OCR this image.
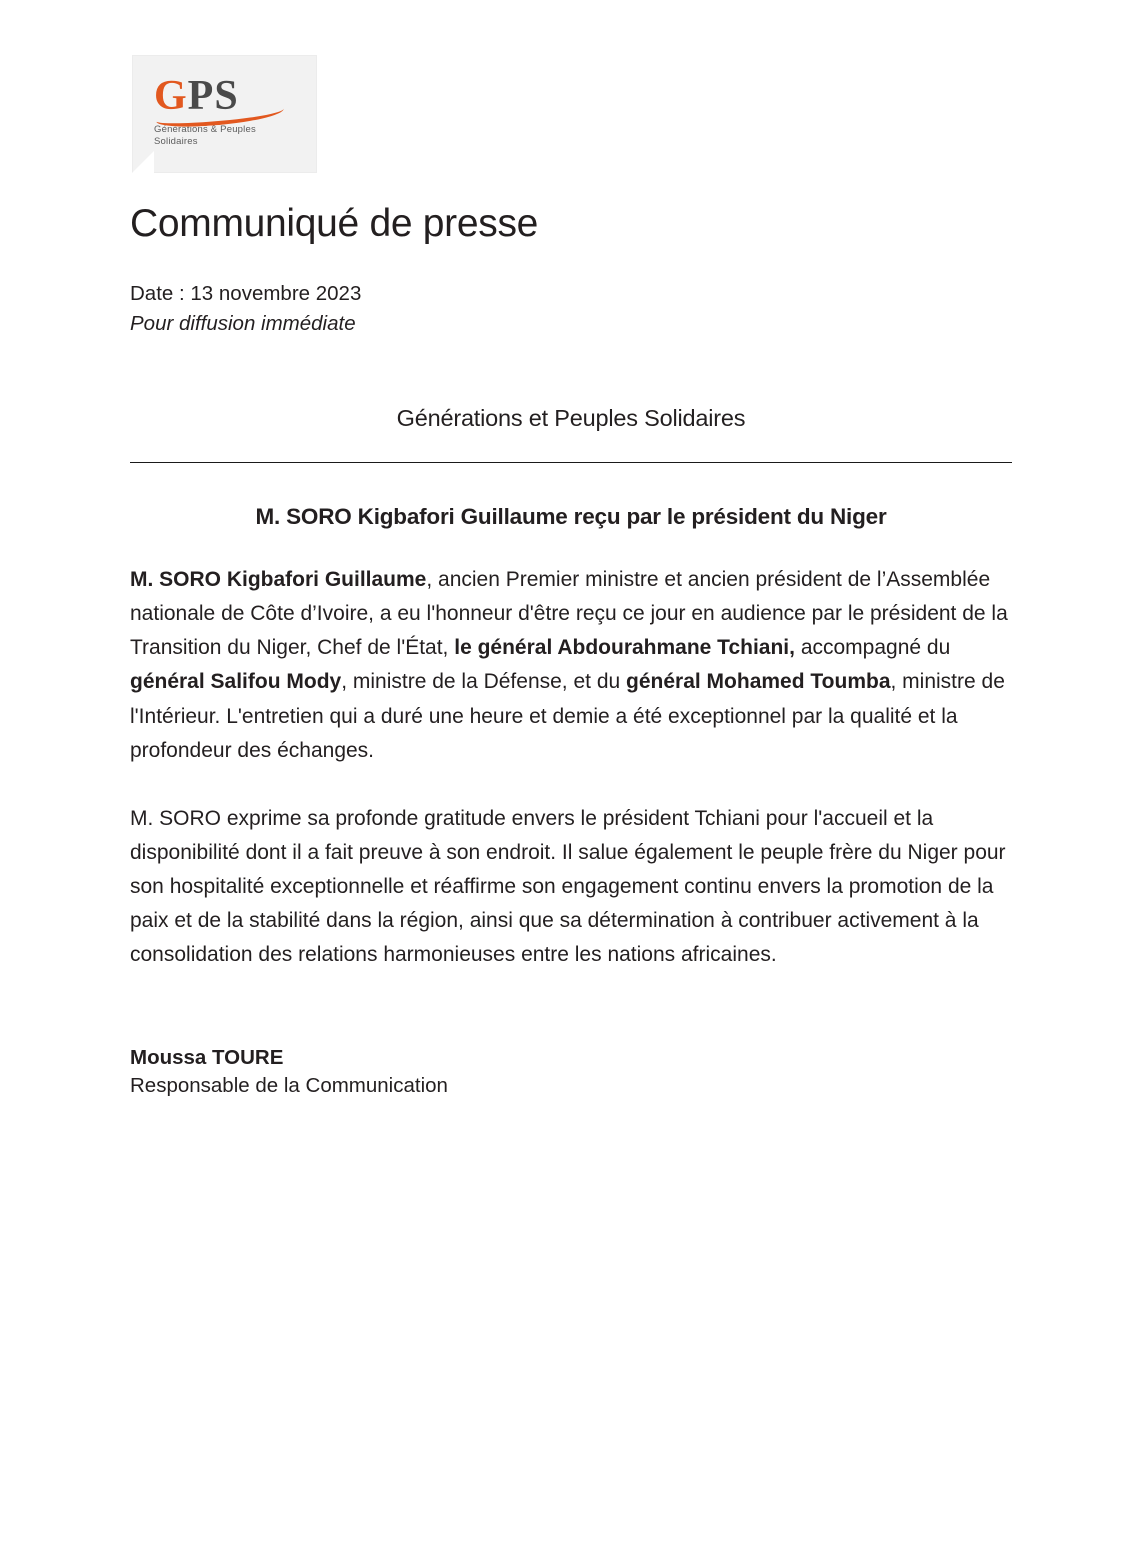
GPS
Générations & Peuples Solidaires
Communiqué de presse

Date : 13 novembre 2023

Pour diffusion immédiate

Générations et Peuples Solidaires

M. SORO Kigbafori Guillaume reçu par le président du Niger

M. SORO Kigbafori Guillaume, ancien Premier ministre et ancien président de l’Assemblée nationale de Côte d’Ivoire, a eu l'honneur d'être reçu ce jour en audience par le président de la Transition du Niger, Chef de l'État, le général Abdourahmane Tchiani, accompagné du général Salifou Mody, ministre de la Défense, et du général Mohamed Toumba, ministre de l'Intérieur. L'entretien qui a duré une heure et demie a été exceptionnel par la qualité et la profondeur des échanges.

M. SORO exprime sa profonde gratitude envers le président Tchiani pour l'accueil et la disponibilité dont il a fait preuve à son endroit. Il salue également le peuple frère du Niger pour son hospitalité exceptionnelle et réaffirme son engagement continu envers la promotion de la paix et de la stabilité dans la région, ainsi que sa détermination à contribuer activement à la consolidation des relations harmonieuses entre les nations africaines.

Moussa TOURE

Responsable de la Communication
